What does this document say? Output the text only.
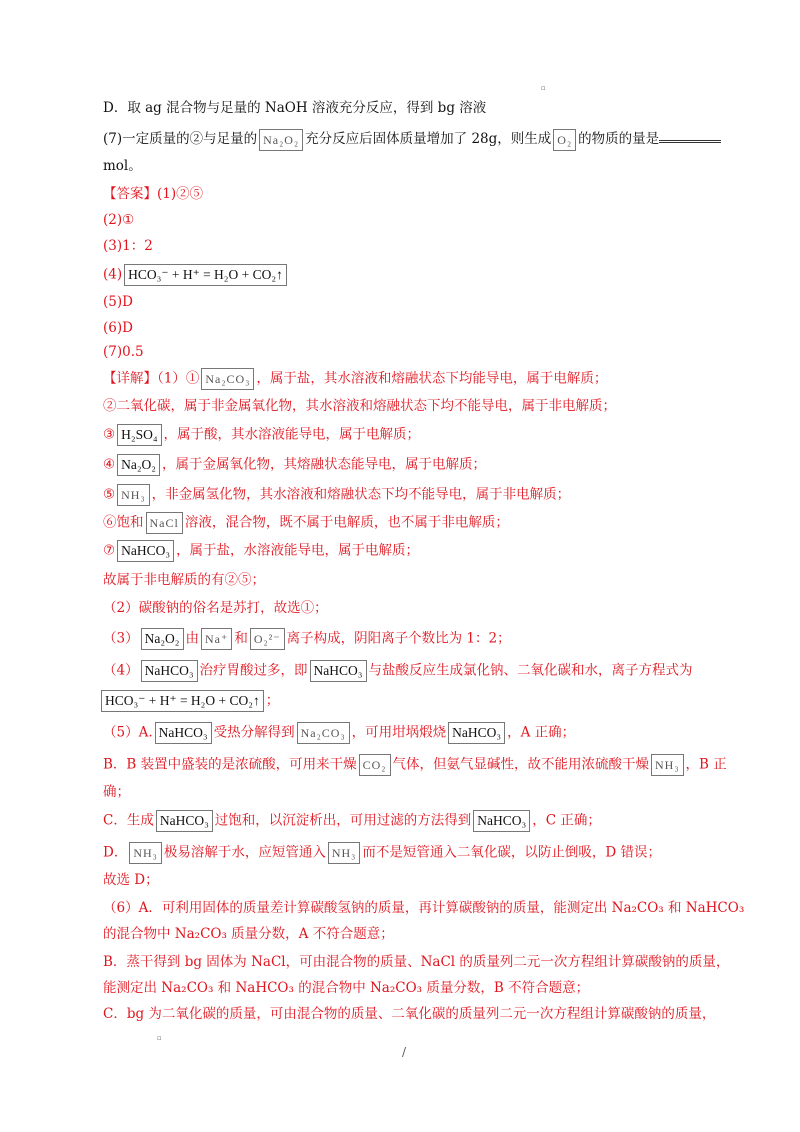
▫
D．取 ag 混合物与足量的 NaOH 溶液充分反应，得到 bg 溶液
(7)一定质量的②与足量的 Na₂O₂ 充分反应后固体质量增加了 28g，则生成 O₂ 的物质的量是
mol。
【答案】(1)②⑤
(2)①
(3)1：2
(4) HCO₃⁻ + H⁺ = H₂O + CO₂↑
(5)D
(6)D
(7)0.5
【详解】（1）① Na₂CO₃ ，属于盐，其水溶液和熔融状态下均能导电，属于电解质；
②二氧化碳，属于非金属氧化物，其水溶液和熔融状态下均不能导电，属于非电解质；
③ H₂SO₄ ，属于酸，其水溶液能导电，属于电解质；
④ Na₂O₂ ，属于金属氧化物，其熔融状态能导电，属于电解质；
⑤ NH₃ ，非金属氢化物，其水溶液和熔融状态下均不能导电，属于非电解质；
⑥饱和 NaCl 溶液，混合物，既不属于电解质，也不属于非电解质；
⑦ NaHCO₃ ，属于盐，水溶液能导电，属于电解质；
故属于非电解质的有②⑤；
（2）碳酸钠的俗名是苏打，故选①；
（3） Na₂O₂ 由 Na⁺ 和 O₂²⁻ 离子构成，阴阳离子个数比为 1：2；
（4） NaHCO₃ 治疗胃酸过多，即 NaHCO₃ 与盐酸反应生成氯化钠、二氧化碳和水，离子方程式为
HCO₃⁻ + H⁺ = H₂O + CO₂↑ ；
（5）A. NaHCO₃ 受热分解得到 Na₂CO₃ ，可用坩埚煅烧 NaHCO₃ ，A 正确；
B．B 装置中盛装的是浓硫酸，可用来干燥 CO₂ 气体，但氨气显碱性，故不能用浓硫酸干燥 NH₃ ，B 正
确；
C．生成 NaHCO₃ 过饱和，以沉淀析出，可用过滤的方法得到 NaHCO₃ ，C 正确；
D． NH₃ 极易溶解于水，应短管通入 NH₃ 而不是短管通入二氧化碳，以防止倒吸，D 错误；
故选 D；
（6）A．可利用固体的质量差计算碳酸氢钠的质量，再计算碳酸钠的质量，能测定出 Na₂CO₃ 和 NaHCO₃
的混合物中 Na₂CO₃ 质量分数，A 不符合题意；
B．蒸干得到 bg 固体为 NaCl，可由混合物的质量、NaCl 的质量列二元一次方程组计算碳酸钠的质量，
能测定出 Na₂CO₃ 和 NaHCO₃ 的混合物中 Na₂CO₃ 质量分数，B 不符合题意；
C．bg 为二氧化碳的质量，可由混合物的质量、二氧化碳的质量列二元一次方程组计算碳酸钠的质量，
▫
/
